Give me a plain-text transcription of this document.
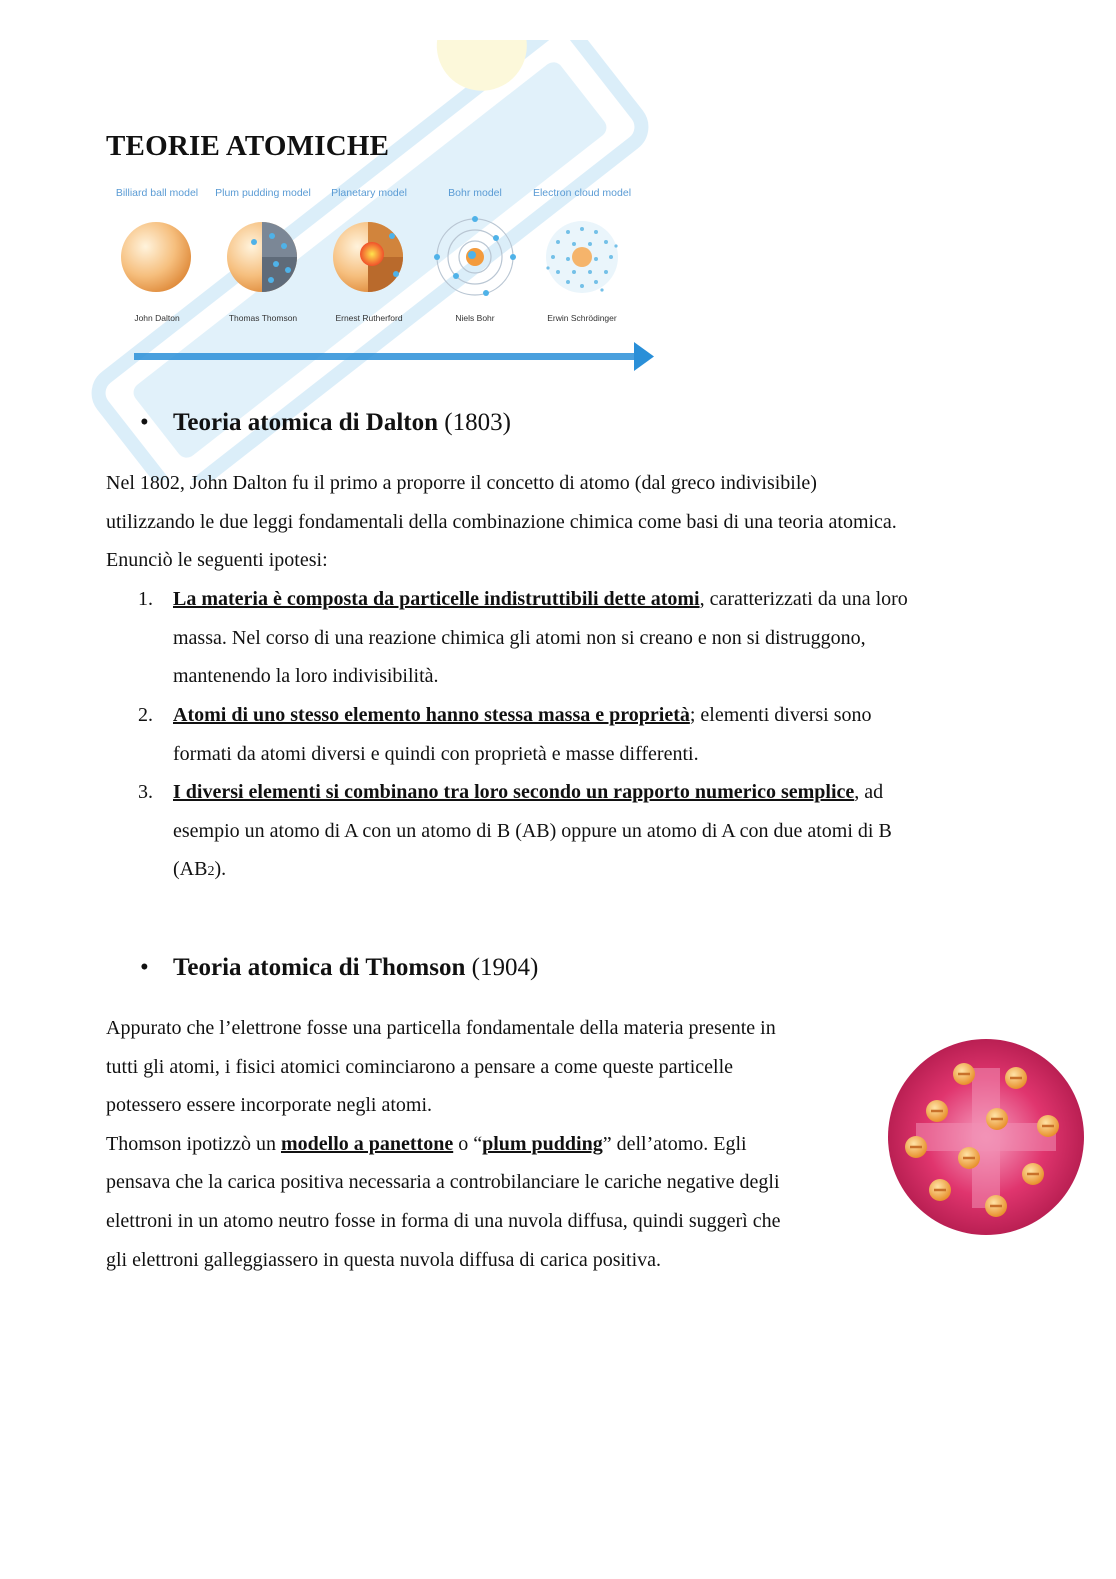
TEORIE ATOMICHE
Billiard ball model	Plum pudding model	Planetary model	Bohr model	Electron cloud model
John Dalton	Thomas Thomson	Ernest Rutherford	Niels Bohr	Erwin Schrödinger
• Teoria atomica di Dalton (1803)
Nel 1802, John Dalton fu il primo a proporre il concetto di atomo (dal greco indivisibile)
utilizzando le due leggi fondamentali della combinazione chimica come basi di una teoria atomica.
Enunciò le seguenti ipotesi:
1. La materia è composta da particelle indistruttibili dette atomi, caratterizzati da una loro
massa. Nel corso di una reazione chimica gli atomi non si creano e non si distruggono,
mantenendo la loro indivisibilità.
2. Atomi di uno stesso elemento hanno stessa massa e proprietà; elementi diversi sono
formati da atomi diversi e quindi con proprietà e masse differenti.
3. I diversi elementi si combinano tra loro secondo un rapporto numerico semplice, ad
esempio un atomo di A con un atomo di B (AB) oppure un atomo di A con due atomi di B
(AB2).
• Teoria atomica di Thomson (1904)
Appurato che l’elettrone fosse una particella fondamentale della materia presente in
tutti gli atomi, i fisici atomici cominciarono a pensare a come queste particelle
potessero essere incorporate negli atomi.
Thomson ipotizzò un modello a panettone o “plum pudding” dell’atomo. Egli
pensava che la carica positiva necessaria a controbilanciare le cariche negative degli
elettroni in un atomo neutro fosse in forma di una nuvola diffusa, quindi suggerì che
gli elettroni galleggiassero in questa nuvola diffusa di carica positiva.
